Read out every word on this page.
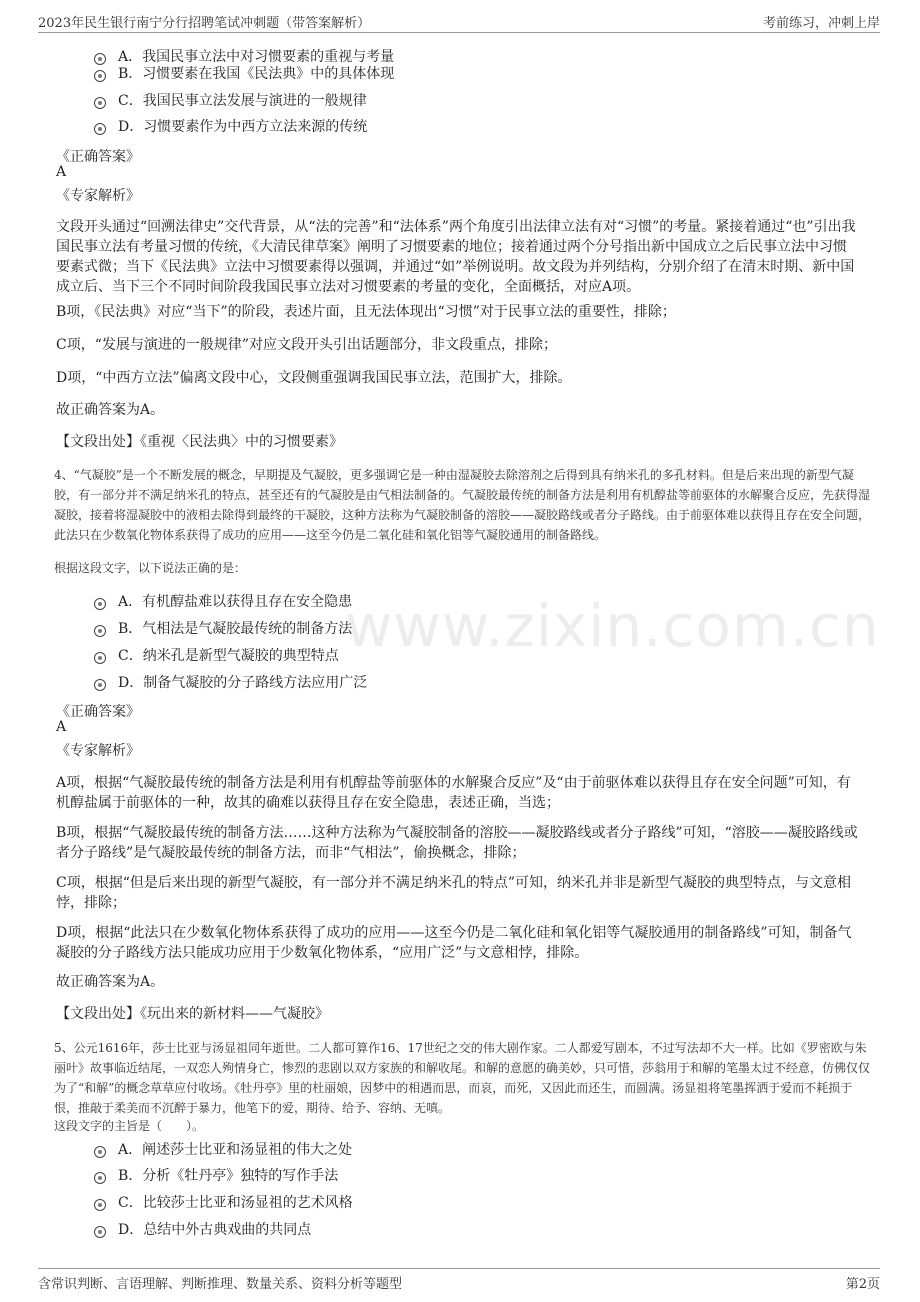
2023年民生银行南宁分行招聘笔试冲刺题（带答案解析）	考前练习，冲刺上岸
www.zixin.com.cn
A．我国民事立法中对习惯要素的重视与考量
B．习惯要素在我国《民法典》中的具体体现
C．我国民事立法发展与演进的一般规律
D．习惯要素作为中西方立法来源的传统
《正确答案》
A
《专家解析》
文段开头通过“回溯法律史”交代背景，从“法的完善”和“法体系”两个角度引出法律立法有对“习惯”的考量。紧接着通过“也”引出我国民事立法有考量习惯的传统，《大清民律草案》阐明了习惯要素的地位；接着通过两个分号指出新中国成立之后民事立法中习惯要素式微；当下《民法典》立法中习惯要素得以强调，并通过“如”举例说明。故文段为并列结构，分别介绍了在清末时期、新中国成立后、当下三个不同时间阶段我国民事立法对习惯要素的考量的变化，全面概括，对应A项。
B项，《民法典》对应“当下”的阶段，表述片面，且无法体现出“习惯”对于民事立法的重要性，排除；
C项，“发展与演进的一般规律”对应文段开头引出话题部分，非文段重点，排除；
D项，“中西方立法”偏离文段中心，文段侧重强调我国民事立法，范围扩大，排除。
故正确答案为A。
【文段出处】《重视〈民法典〉中的习惯要素》
4、“气凝胶”是一个不断发展的概念，早期提及气凝胶，更多强调它是一种由湿凝胶去除溶剂之后得到具有纳米孔的多孔材料。但是后来出现的新型气凝胶，有一部分并不满足纳米孔的特点，甚至还有的气凝胶是由气相法制备的。气凝胶最传统的制备方法是利用有机醇盐等前驱体的水解聚合反应，先获得湿凝胶，接着将湿凝胶中的液相去除得到最终的干凝胶，这种方法称为气凝胶制备的溶胶——凝胶路线或者分子路线。由于前驱体难以获得且存在安全问题，此法只在少数氧化物体系获得了成功的应用——这至今仍是二氧化硅和氧化铝等气凝胶通用的制备路线。
根据这段文字，以下说法正确的是：
A．有机醇盐难以获得且存在安全隐患
B．气相法是气凝胶最传统的制备方法
C．纳米孔是新型气凝胶的典型特点
D．制备气凝胶的分子路线方法应用广泛
《正确答案》
A
《专家解析》
A项，根据“气凝胶最传统的制备方法是利用有机醇盐等前驱体的水解聚合反应”及“由于前驱体难以获得且存在安全问题”可知，有机醇盐属于前驱体的一种，故其的确难以获得且存在安全隐患，表述正确，当选；
B项，根据“气凝胶最传统的制备方法……这种方法称为气凝胶制备的溶胶——凝胶路线或者分子路线”可知，“溶胶——凝胶路线或者分子路线”是气凝胶最传统的制备方法，而非“气相法”，偷换概念，排除；
C项，根据“但是后来出现的新型气凝胶，有一部分并不满足纳米孔的特点”可知，纳米孔并非是新型气凝胶的典型特点，与文意相悖，排除；
D项，根据“此法只在少数氧化物体系获得了成功的应用——这至今仍是二氧化硅和氧化铝等气凝胶通用的制备路线”可知，制备气凝胶的分子路线方法只能成功应用于少数氧化物体系，“应用广泛”与文意相悖，排除。
故正确答案为A。
【文段出处】《玩出来的新材料——气凝胶》
5、公元1616年，莎士比亚与汤显祖同年逝世。二人都可算作16、17世纪之交的伟大剧作家。二人都爱写剧本，不过写法却不大一样。比如《罗密欧与朱丽叶》故事临近结尾，一双恋人殉情身亡，惨烈的悲剧以双方家族的和解收尾。和解的意愿的确美妙，只可惜，莎翁用于和解的笔墨太过不经意，仿佛仅仅为了“和解”的概念草草应付收场。《牡丹亭》里的杜丽娘，因梦中的相遇而思，而哀，而死，又因此而还生，而圆满。汤显祖将笔墨挥洒于爱而不耗损于恨，推敲于柔美而不沉醉于暴力，他笔下的爱，期待、给予、容纳、无嗔。
这段文字的主旨是（　　）。
A．阐述莎士比亚和汤显祖的伟大之处
B．分析《牡丹亭》独特的写作手法
C．比较莎士比亚和汤显祖的艺术风格
D．总结中外古典戏曲的共同点
含常识判断、言语理解、判断推理、数量关系、资料分析等题型	第2页
